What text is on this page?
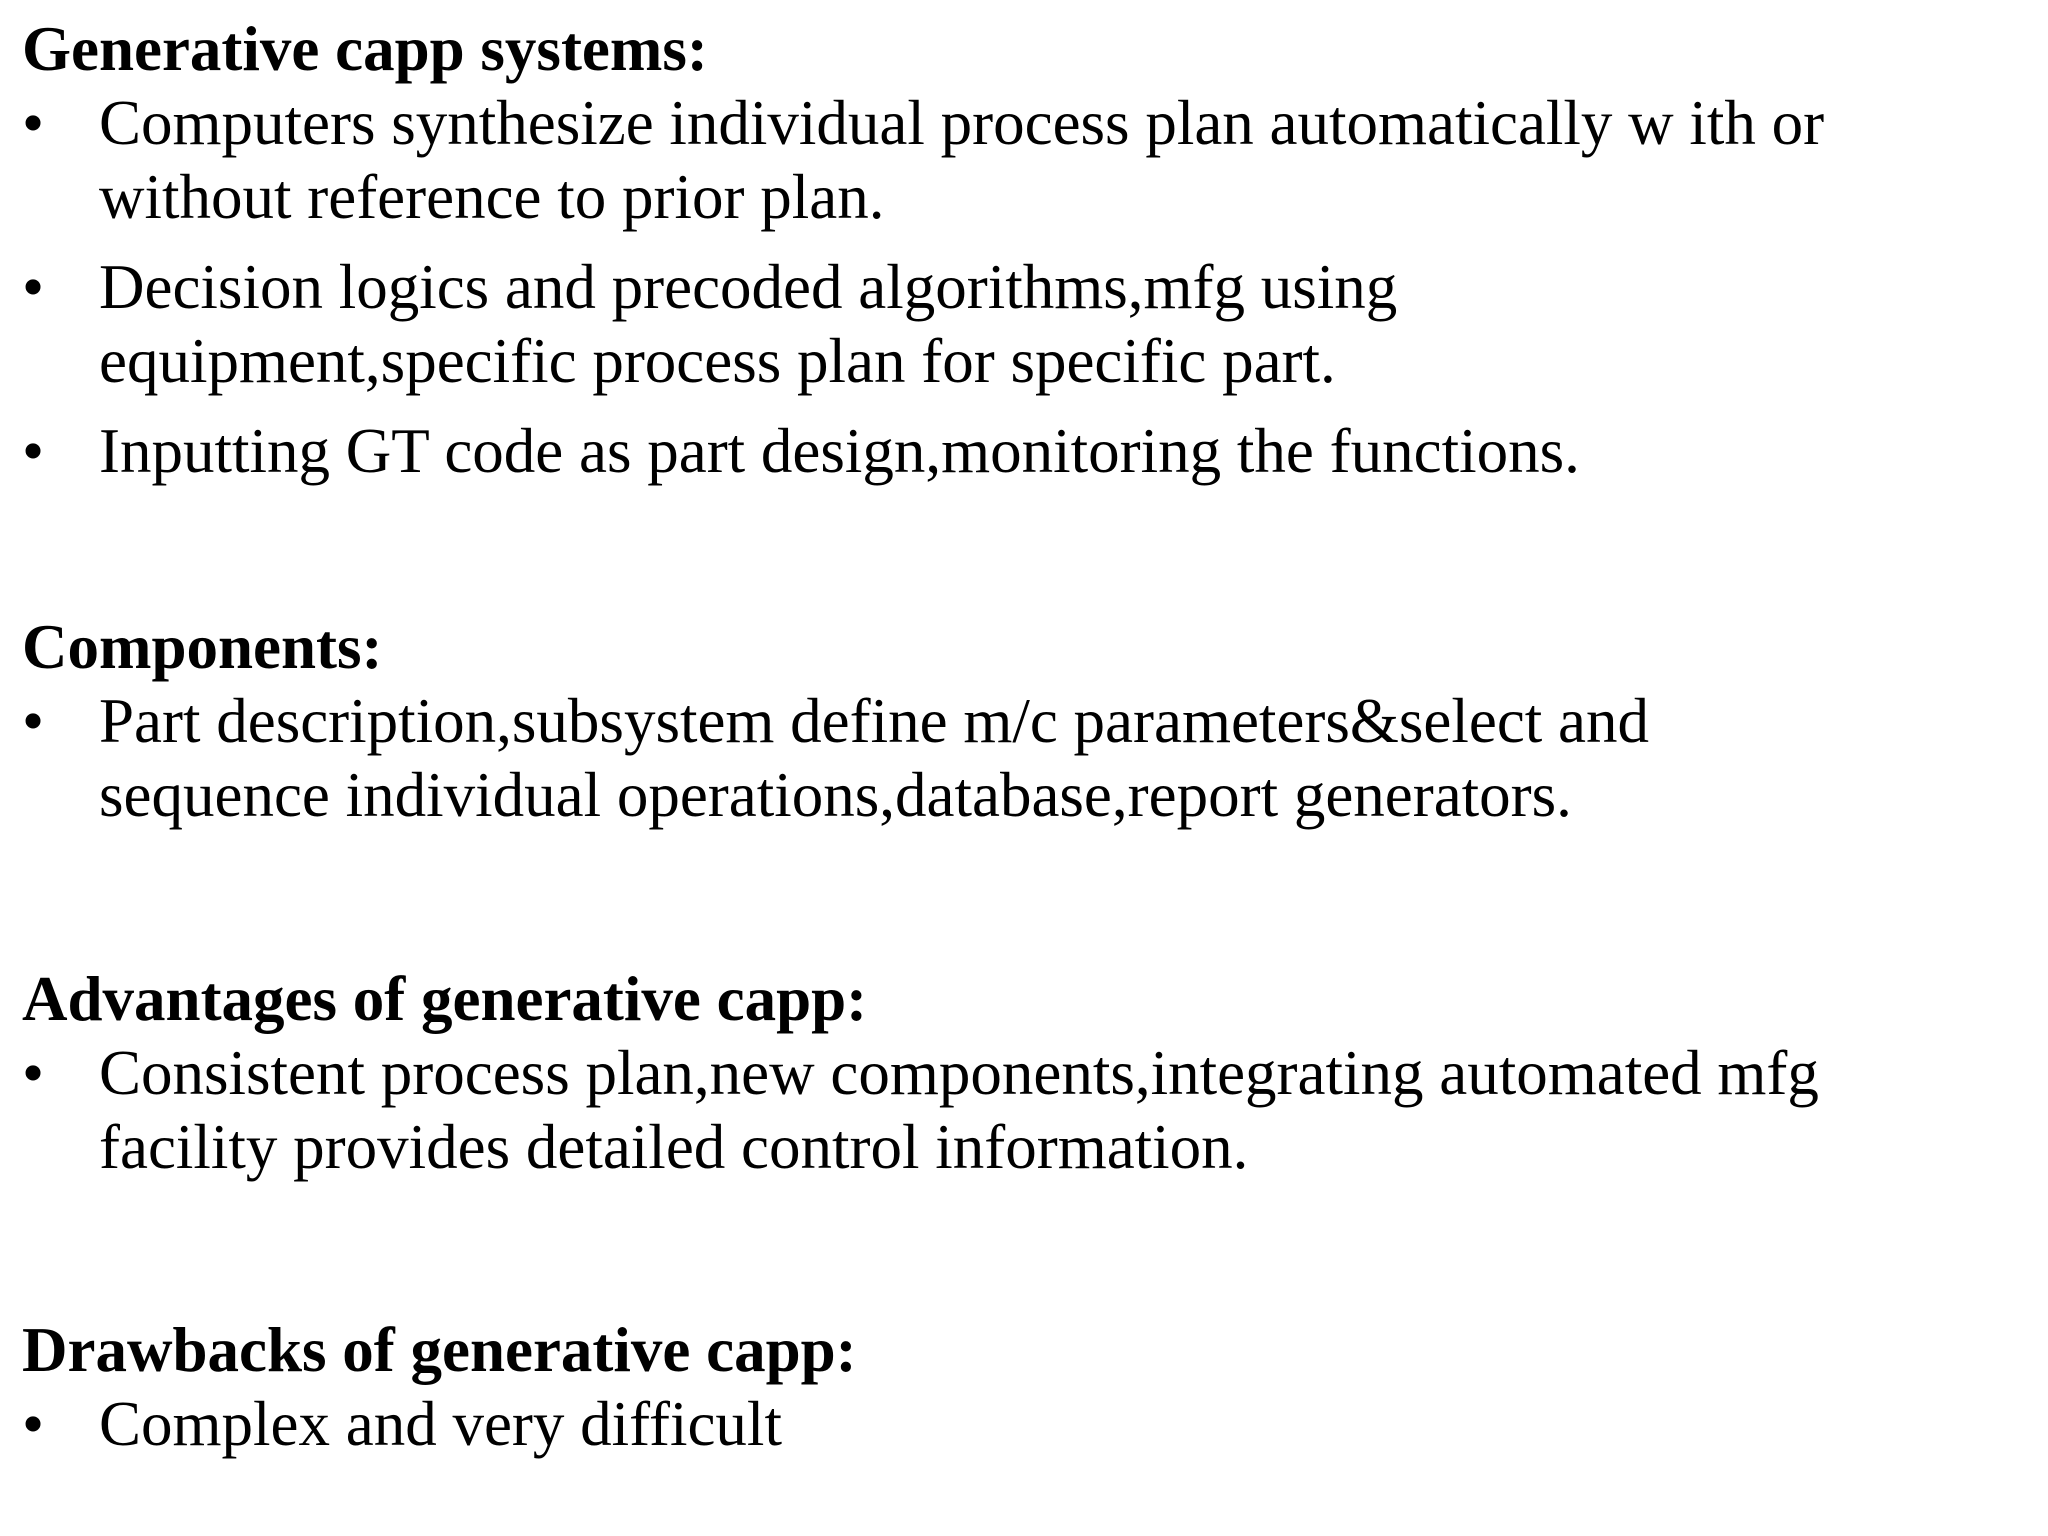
Generative capp systems:
• Computers synthesize individual process plan automatically w ith or
without reference to prior plan.
• Decision logics and precoded algorithms,mfg using
equipment,specific process plan for specific part.
• Inputting GT code as part design,monitoring the functions.
Components:
• Part description,subsystem define m/c parameters&select and
sequence individual operations,database,report generators.
Advantages of generative capp:
• Consistent process plan,new components,integrating automated mfg
facility provides detailed control information.
Drawbacks of generative capp:
• Complex and very difficult
